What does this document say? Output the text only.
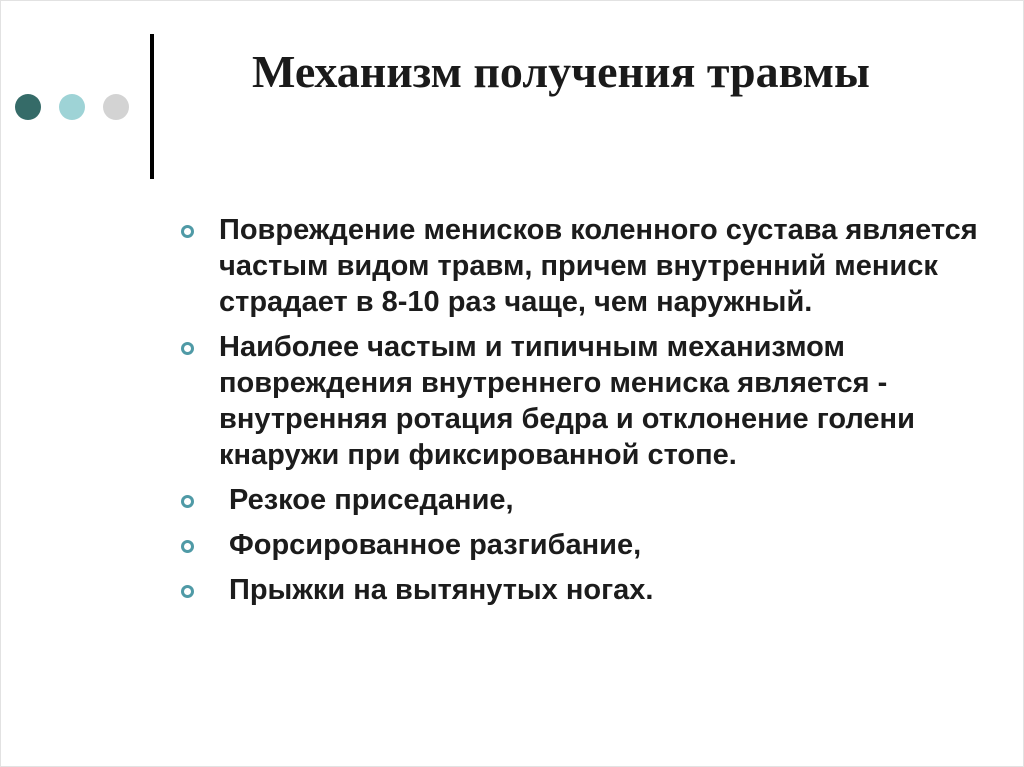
Механизм получения травмы
Повреждение менисков коленного сустава является частым видом травм, причем внутренний мениск страдает в 8-10 раз чаще, чем наружный.
Наиболее частым и типичным механизмом повреждения внутреннего мениска является - внутренняя ротация бедра и отклонение голени кнаружи при фиксированной стопе.
Резкое приседание,
Форсированное разгибание,
Прыжки на вытянутых ногах.
